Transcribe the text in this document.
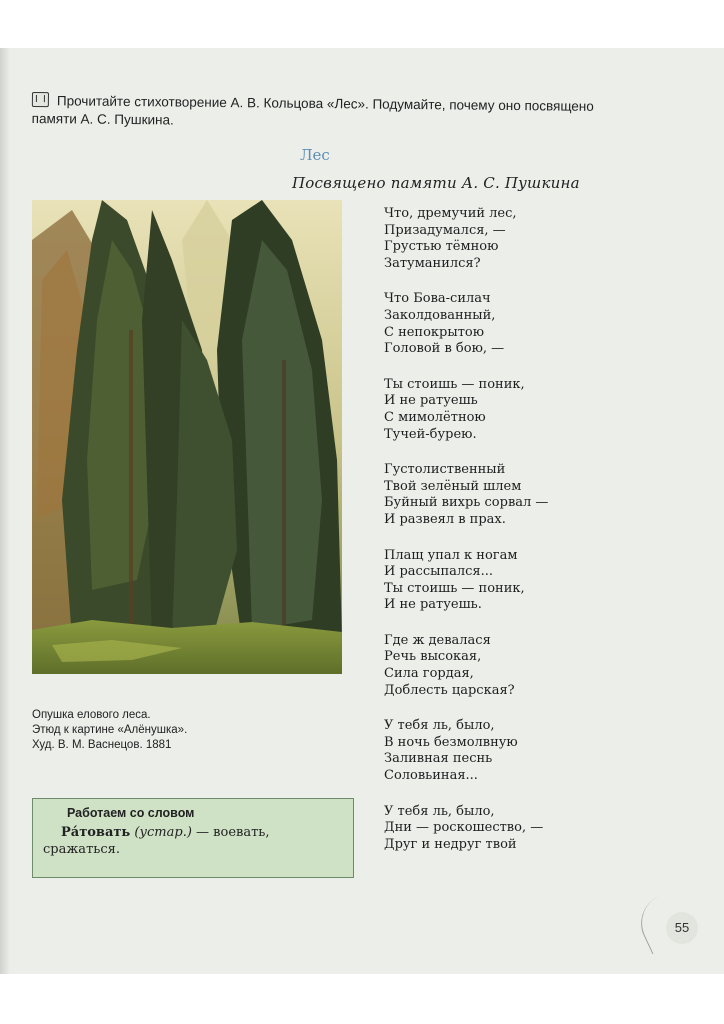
Прочитайте стихотворение А. В. Кольцова «Лес». Подумайте, почему оно посвящено памяти А. С. Пушкина.
Лес
Посвящено памяти А. С. Пушкина
Опушка елового леса.
Этюд к картине «Алёнушка».
Худ. В. М. Васнецов. 1881
Работаем со словом
Ра́товать (устар.) — воевать, сражаться.
Что, дремучий лес,
Призадумался, —
Грустью тёмною
Затуманился?
Что Бова-силач
Заколдованный,
С непокрытою
Головой в бою, —
Ты стоишь — поник,
И не ратуешь
С мимолётною
Тучей-бурею.
Густолиственный
Твой зелёный шлем
Буйный вихрь сорвал —
И развеял в прах.
Плащ упал к ногам
И рассыпался...
Ты стоишь — поник,
И не ратуешь.
Где ж девалася
Речь высокая,
Сила гордая,
Доблесть царская?
У тебя ль, было,
В ночь безмолвную
Заливная песнь
Соловьиная...
У тебя ль, было,
Дни — роскошество, —
Друг и недруг твой
55
